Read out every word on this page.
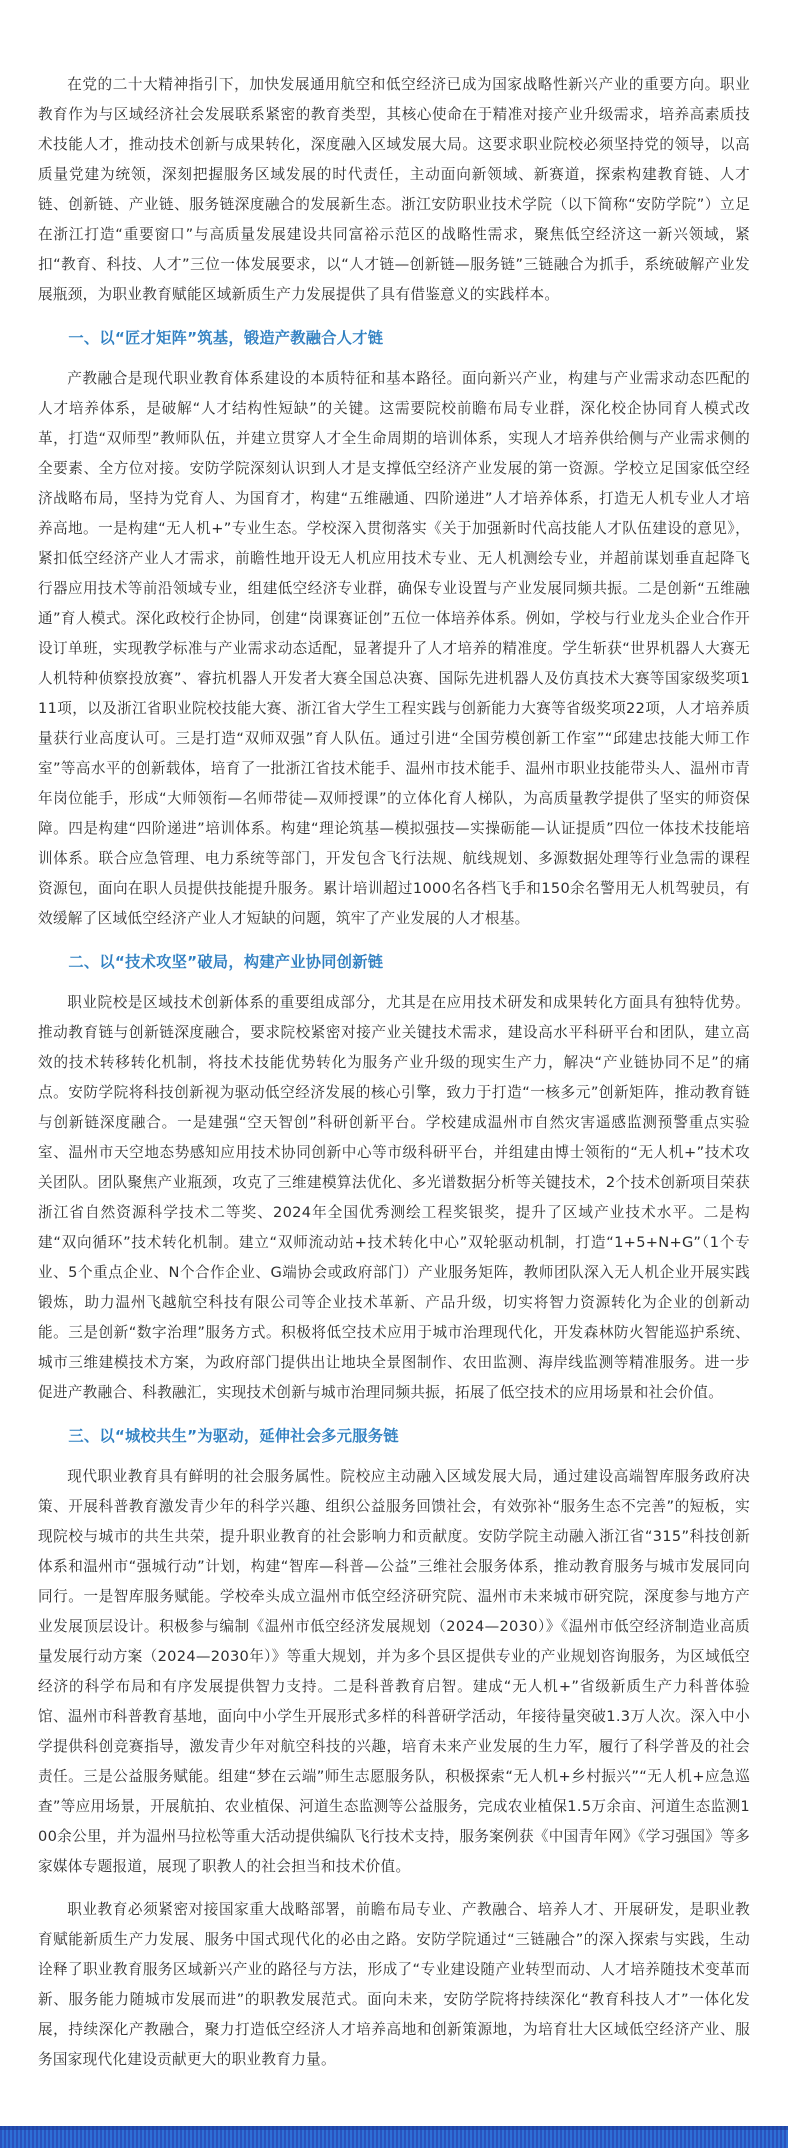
在党的二十大精神指引下，加快发展通用航空和低空经济已成为国家战略性新兴产业的重要方向。职业教育作为与区域经济社会发展联系紧密的教育类型，其核心使命在于精准对接产业升级需求，培养高素质技术技能人才，推动技术创新与成果转化，深度融入区域发展大局。这要求职业院校必须坚持党的领导，以高质量党建为统领，深刻把握服务区域发展的时代责任，主动面向新领域、新赛道，探索构建教育链、人才链、创新链、产业链、服务链深度融合的发展新生态。浙江安防职业技术学院（以下简称“安防学院”）立足在浙江打造“重要窗口”与高质量发展建设共同富裕示范区的战略性需求，聚焦低空经济这一新兴领域，紧扣“教育、科技、人才”三位一体发展要求，以“人才链—创新链—服务链”三链融合为抓手，系统破解产业发展瓶颈，为职业教育赋能区域新质生产力发展提供了具有借鉴意义的实践样本。

一、以“匠才矩阵”筑基，锻造产教融合人才链

产教融合是现代职业教育体系建设的本质特征和基本路径。面向新兴产业，构建与产业需求动态匹配的人才培养体系，是破解“人才结构性短缺”的关键。这需要院校前瞻布局专业群，深化校企协同育人模式改革，打造“双师型”教师队伍，并建立贯穿人才全生命周期的培训体系，实现人才培养供给侧与产业需求侧的全要素、全方位对接。安防学院深刻认识到人才是支撑低空经济产业发展的第一资源。学校立足国家低空经济战略布局，坚持为党育人、为国育才，构建“五维融通、四阶递进”人才培养体系，打造无人机专业人才培养高地。一是构建“无人机+”专业生态。学校深入贯彻落实《关于加强新时代高技能人才队伍建设的意见》，紧扣低空经济产业人才需求，前瞻性地开设无人机应用技术专业、无人机测绘专业，并超前谋划垂直起降飞行器应用技术等前沿领域专业，组建低空经济专业群，确保专业设置与产业发展同频共振。二是创新“五维融通”育人模式。深化政校行企协同，创建“岗课赛证创”五位一体培养体系。例如，学校与行业龙头企业合作开设订单班，实现教学标准与产业需求动态适配，显著提升了人才培养的精准度。学生斩获“世界机器人大赛无人机特种侦察投放赛”、睿抗机器人开发者大赛全国总决赛、国际先进机器人及仿真技术大赛等国家级奖项111项，以及浙江省职业院校技能大赛、浙江省大学生工程实践与创新能力大赛等省级奖项22项，人才培养质量获行业高度认可。三是打造“双师双强”育人队伍。通过引进“全国劳模创新工作室”“邱建忠技能大师工作室”等高水平的创新载体，培育了一批浙江省技术能手、温州市技术能手、温州市职业技能带头人、温州市青年岗位能手，形成“大师领衔—名师带徒—双师授课”的立体化育人梯队，为高质量教学提供了坚实的师资保障。四是构建“四阶递进”培训体系。构建“理论筑基—模拟强技—实操砺能—认证提质”四位一体技术技能培训体系。联合应急管理、电力系统等部门，开发包含飞行法规、航线规划、多源数据处理等行业急需的课程资源包，面向在职人员提供技能提升服务。累计培训超过1000名各档飞手和150余名警用无人机驾驶员，有效缓解了区域低空经济产业人才短缺的问题，筑牢了产业发展的人才根基。

二、以“技术攻坚”破局，构建产业协同创新链

职业院校是区域技术创新体系的重要组成部分，尤其是在应用技术研发和成果转化方面具有独特优势。推动教育链与创新链深度融合，要求院校紧密对接产业关键技术需求，建设高水平科研平台和团队，建立高效的技术转移转化机制，将技术技能优势转化为服务产业升级的现实生产力，解决“产业链协同不足”的痛点。安防学院将科技创新视为驱动低空经济发展的核心引擎，致力于打造“一核多元”创新矩阵，推动教育链与创新链深度融合。一是建强“空天智创”科研创新平台。学校建成温州市自然灾害遥感监测预警重点实验室、温州市天空地态势感知应用技术协同创新中心等市级科研平台，并组建由博士领衔的“无人机+”技术攻关团队。团队聚焦产业瓶颈，攻克了三维建模算法优化、多光谱数据分析等关键技术，2个技术创新项目荣获浙江省自然资源科学技术二等奖、2024年全国优秀测绘工程奖银奖，提升了区域产业技术水平。二是构建“双向循环”技术转化机制。建立“双师流动站+技术转化中心”双轮驱动机制，打造“1+5+N+G”（1个专业、5个重点企业、N个合作企业、G端协会或政府部门）产业服务矩阵，教师团队深入无人机企业开展实践锻炼，助力温州飞越航空科技有限公司等企业技术革新、产品升级，切实将智力资源转化为企业的创新动能。三是创新“数字治理”服务方式。积极将低空技术应用于城市治理现代化，开发森林防火智能巡护系统、城市三维建模技术方案，为政府部门提供出让地块全景图制作、农田监测、海岸线监测等精准服务。进一步促进产教融合、科教融汇，实现技术创新与城市治理同频共振，拓展了低空技术的应用场景和社会价值。

三、以“城校共生”为驱动，延伸社会多元服务链

现代职业教育具有鲜明的社会服务属性。院校应主动融入区域发展大局，通过建设高端智库服务政府决策、开展科普教育激发青少年的科学兴趣、组织公益服务回馈社会，有效弥补“服务生态不完善”的短板，实现院校与城市的共生共荣，提升职业教育的社会影响力和贡献度。安防学院主动融入浙江省“315”科技创新体系和温州市“强城行动”计划，构建“智库—科普—公益”三维社会服务体系，推动教育服务与城市发展同向同行。一是智库服务赋能。学校牵头成立温州市低空经济研究院、温州市未来城市研究院，深度参与地方产业发展顶层设计。积极参与编制《温州市低空经济发展规划（2024—2030）》《温州市低空经济制造业高质量发展行动方案（2024—2030年）》等重大规划，并为多个县区提供专业的产业规划咨询服务，为区域低空经济的科学布局和有序发展提供智力支持。二是科普教育启智。建成“无人机+”省级新质生产力科普体验馆、温州市科普教育基地，面向中小学生开展形式多样的科普研学活动，年接待量突破1.3万人次。深入中小学提供科创竞赛指导，激发青少年对航空科技的兴趣，培育未来产业发展的生力军，履行了科学普及的社会责任。三是公益服务赋能。组建“梦在云端”师生志愿服务队，积极探索“无人机+乡村振兴”“无人机+应急巡查”等应用场景，开展航拍、农业植保、河道生态监测等公益服务，完成农业植保1.5万余亩、河道生态监测100余公里，并为温州马拉松等重大活动提供编队飞行技术支持，服务案例获《中国青年网》《学习强国》等多家媒体专题报道，展现了职教人的社会担当和技术价值。

职业教育必须紧密对接国家重大战略部署，前瞻布局专业、产教融合、培养人才、开展研发，是职业教育赋能新质生产力发展、服务中国式现代化的必由之路。安防学院通过“三链融合”的深入探索与实践，生动诠释了职业教育服务区域新兴产业的路径与方法，形成了“专业建设随产业转型而动、人才培养随技术变革而新、服务能力随城市发展而进”的职教发展范式。面向未来，安防学院将持续深化“教育科技人才”一体化发展，持续深化产教融合，聚力打造低空经济人才培养高地和创新策源地，为培育壮大区域低空经济产业、服务国家现代化建设贡献更大的职业教育力量。
